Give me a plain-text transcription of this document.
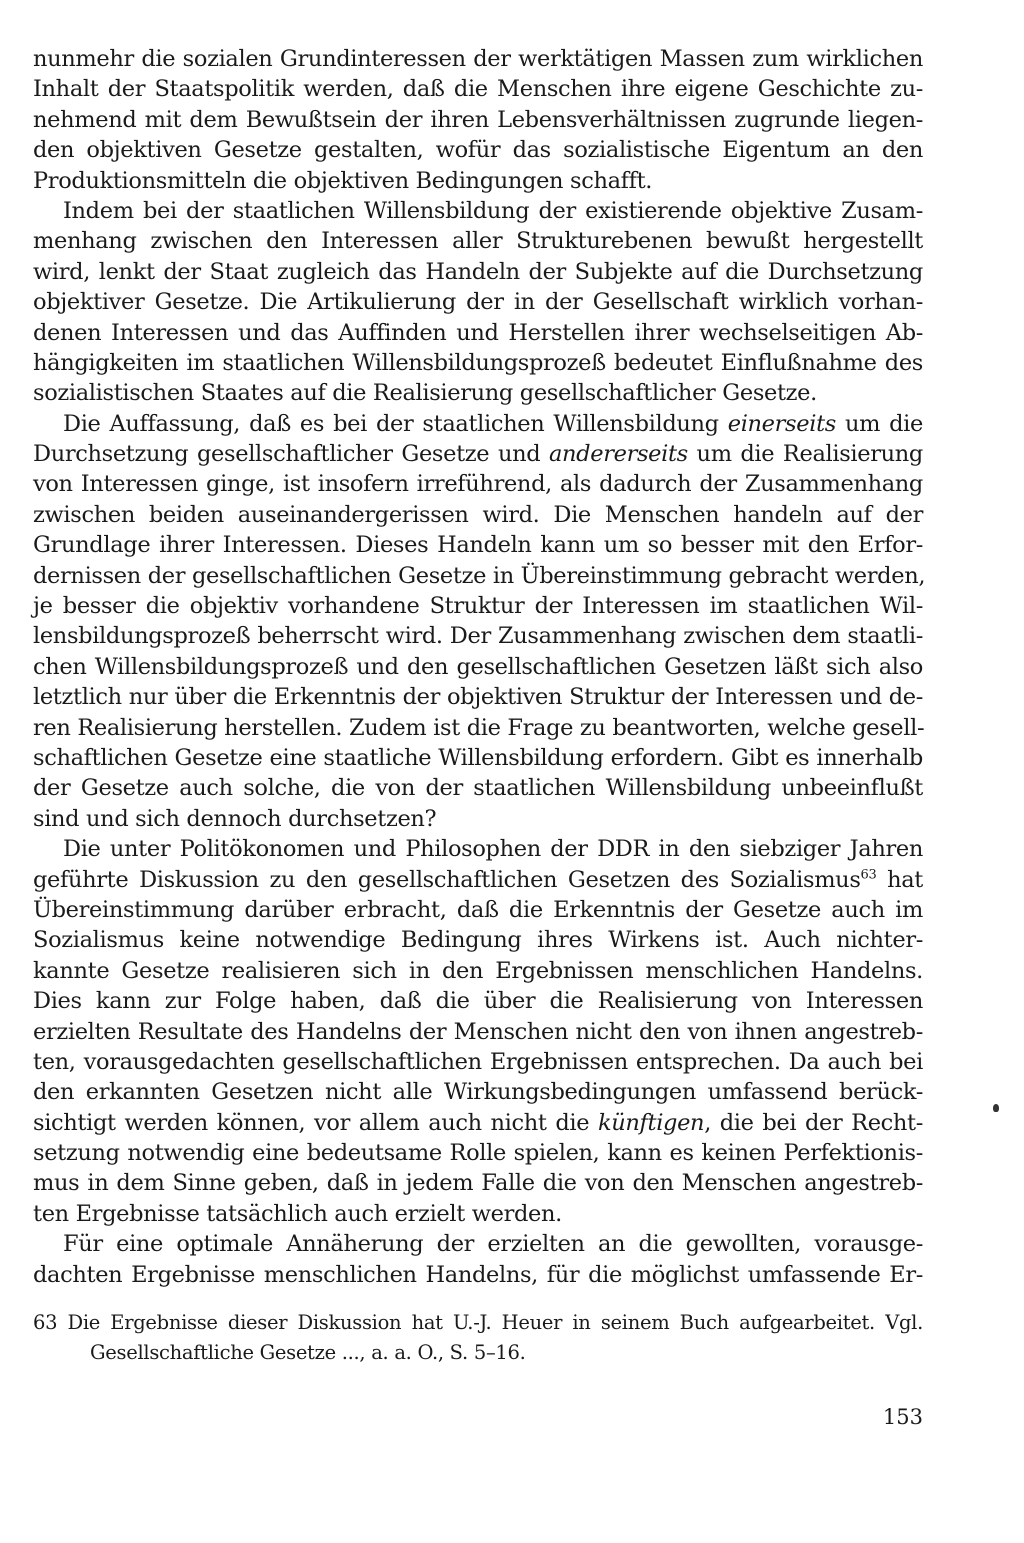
nunmehr die sozialen Grundinteressen der werktätigen Massen zum wirklichen
Inhalt der Staatspolitik werden, daß die Menschen ihre eigene Geschichte zu-
nehmend mit dem Bewußtsein der ihren Lebensverhältnissen zugrunde liegen-
den objektiven Gesetze gestalten, wofür das sozialistische Eigentum an den
Produktionsmitteln die objektiven Bedingungen schafft.
Indem bei der staatlichen Willensbildung der existierende objektive Zusam-
menhang zwischen den Interessen aller Strukturebenen bewußt hergestellt
wird, lenkt der Staat zugleich das Handeln der Subjekte auf die Durchsetzung
objektiver Gesetze. Die Artikulierung der in der Gesellschaft wirklich vorhan-
denen Interessen und das Auffinden und Herstellen ihrer wechselseitigen Ab-
hängigkeiten im staatlichen Willensbildungsprozeß bedeutet Einflußnahme des
sozialistischen Staates auf die Realisierung gesellschaftlicher Gesetze.
Die Auffassung, daß es bei der staatlichen Willensbildung einerseits um die
Durchsetzung gesellschaftlicher Gesetze und andererseits um die Realisierung
von Interessen ginge, ist insofern irreführend, als dadurch der Zusammenhang
zwischen beiden auseinandergerissen wird. Die Menschen handeln auf der
Grundlage ihrer Interessen. Dieses Handeln kann um so besser mit den Erfor-
dernissen der gesellschaftlichen Gesetze in Übereinstimmung gebracht werden,
je besser die objektiv vorhandene Struktur der Interessen im staatlichen Wil-
lensbildungsprozeß beherrscht wird. Der Zusammenhang zwischen dem staatli-
chen Willensbildungsprozeß und den gesellschaftlichen Gesetzen läßt sich also
letztlich nur über die Erkenntnis der objektiven Struktur der Interessen und de-
ren Realisierung herstellen. Zudem ist die Frage zu beantworten, welche gesell-
schaftlichen Gesetze eine staatliche Willensbildung erfordern. Gibt es innerhalb
der Gesetze auch solche, die von der staatlichen Willensbildung unbeeinflußt
sind und sich dennoch durchsetzen?
Die unter Politökonomen und Philosophen der DDR in den siebziger Jahren
geführte Diskussion zu den gesellschaftlichen Gesetzen des Sozialismus$^{63}$ hat
Übereinstimmung darüber erbracht, daß die Erkenntnis der Gesetze auch im
Sozialismus keine notwendige Bedingung ihres Wirkens ist. Auch nichter-
kannte Gesetze realisieren sich in den Ergebnissen menschlichen Handelns.
Dies kann zur Folge haben, daß die über die Realisierung von Interessen
erzielten Resultate des Handelns der Menschen nicht den von ihnen angestreb-
ten, vorausgedachten gesellschaftlichen Ergebnissen entsprechen. Da auch bei
den erkannten Gesetzen nicht alle Wirkungsbedingungen umfassend berück-
sichtigt werden können, vor allem auch nicht die künftigen, die bei der Recht-
setzung notwendig eine bedeutsame Rolle spielen, kann es keinen Perfektionis-
mus in dem Sinne geben, daß in jedem Falle die von den Menschen angestreb-
ten Ergebnisse tatsächlich auch erzielt werden.
Für eine optimale Annäherung der erzielten an die gewollten, vorausge-
dachten Ergebnisse menschlichen Handelns, für die möglichst umfassende Er-
63 Die Ergebnisse dieser Diskussion hat U.-J. Heuer in seinem Buch aufgearbeitet. Vgl.
Gesellschaftliche Gesetze ..., a. a. O., S. 5–16.
153
